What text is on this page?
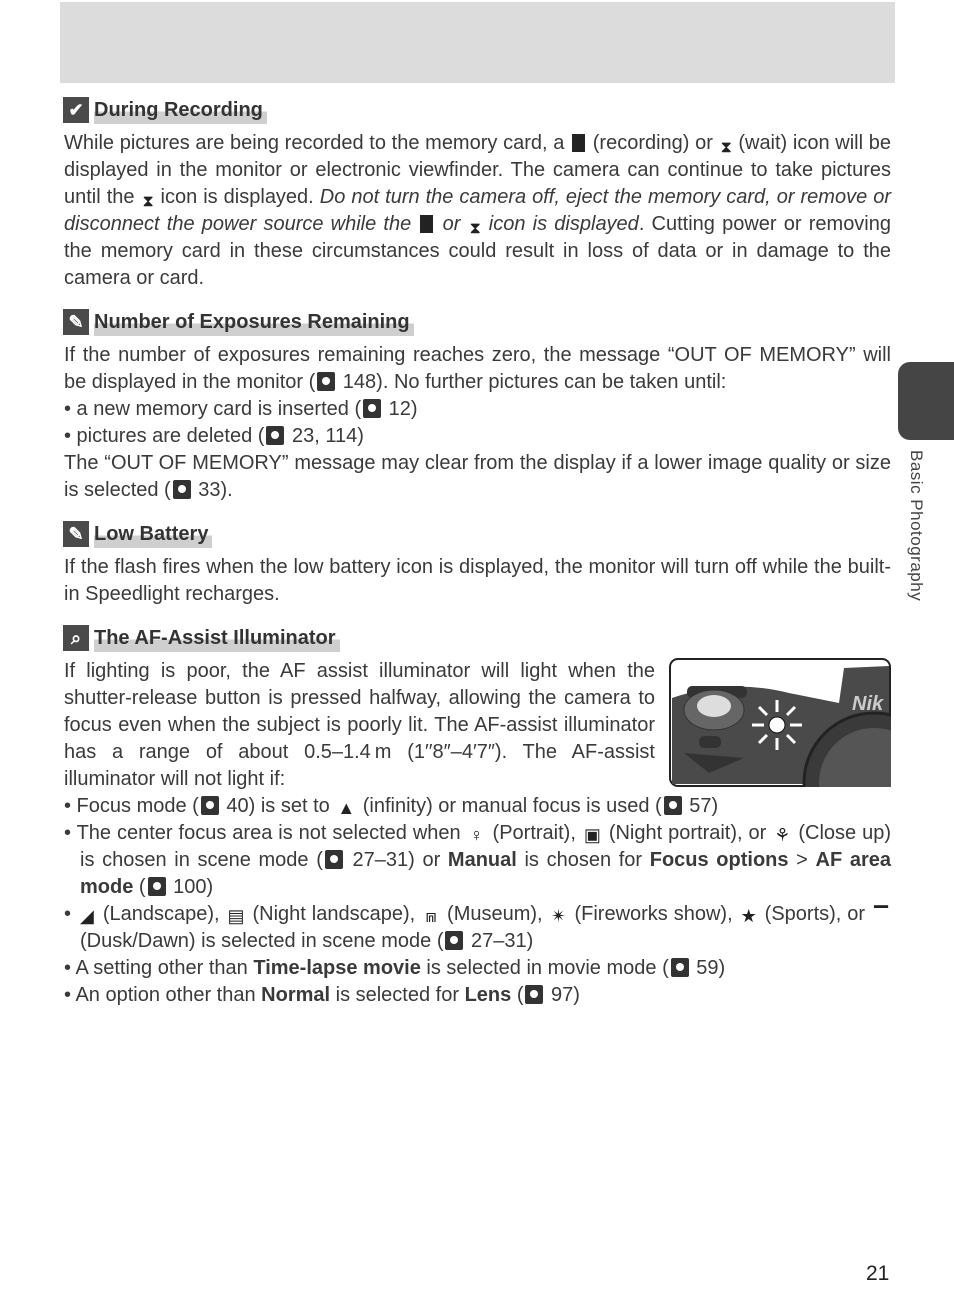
✔ During Recording

While pictures are being recorded to the memory card, a  (recording) or ⧗ (wait) icon will be displayed in the monitor or electronic viewfinder. The camera can continue to take pictures until the ⧗ icon is displayed. Do not turn the camera off, eject the memory card, or remove or disconnect the power source while the  or ⧗ icon is displayed. Cutting power or removing the memory card in these circumstances could result in loss of data or in damage to the camera or card.

✎ Number of Exposures Remaining

If the number of exposures remaining reaches zero, the message “OUT OF MEMORY” will be displayed in the monitor ( 148). No further pictures can be taken until:

• a new memory card is inserted ( 12)

• pictures are deleted ( 23, 114)

The “OUT OF MEMORY” message may clear from the display if a lower image quality or size is selected ( 33).

✎ Low Battery

If the flash fires when the low battery icon is displayed, the monitor will turn off while the built-in Speedlight recharges.

⌕ The AF-Assist Illuminator
Nik

If lighting is poor, the AF assist illuminator will light when the shutter-release button is pressed halfway, allowing the camera to focus even when the subject is poorly lit. The AF-assist illuminator has a range of about 0.5–1.4 m (1′′8″–4′7″). The AF-assist illuminator will not light if:

• Focus mode ( 40) is set to ▲ (infinity) or manual focus is used ( 57)

• The center focus area is not selected when ♀ (Portrait), ▣ (Night portrait), or ⚘ (Close up) is chosen in scene mode ( 27–31) or Manual is chosen for Focus options > AF area mode ( 100)

• ◢ (Landscape), ▤ (Night landscape), ⩎ (Museum), ✴ (Fireworks show), ★ (Sports), or ▔ (Dusk/Dawn) is selected in scene mode ( 27–31)

• A setting other than Time-lapse movie is selected in movie mode ( 59)

• An option other than Normal is selected for Lens ( 97)

Basic Photography
21
